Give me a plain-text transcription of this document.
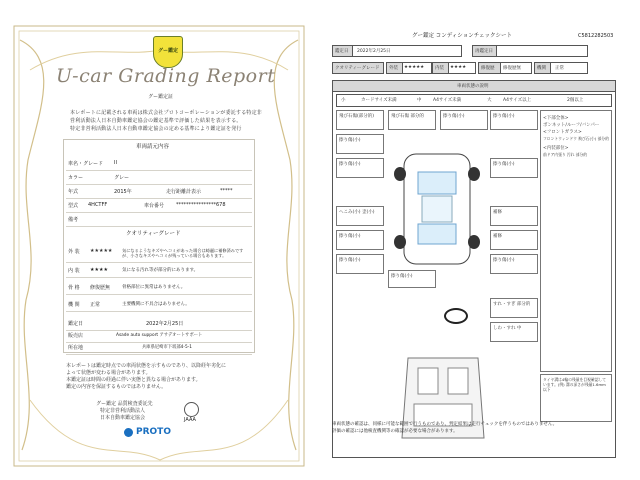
グー鑑定
U-car Grading Report
グー鑑定証
本レポートに記載される車両は株式会社プロトコーポレーションが委託する特定非
営利活動法人日本自動車鑑定協会の鑑定基準で評価した結果を表示する。
特定非営利活動法人日本自動車鑑定協会の定める基準により鑑定証を発行
車両請元内容
車名・グレード II
カラー	グレー
年式	2015年	走行距離計表示	*****
型式 4HCTFF	車台番号 ****************678
備考
クオリティーグレード
外 装 ★★★★★ 気になるようなキズやヘコミがあった場合は綺麗に補修済みですが、小さなキズやヘコミが残っている場合もあります。
内 装 ★★★★	気になる汚れ等が部分的にあります。
骨 格 修復歴無	骨格部位に異常はありません。
機 関 正常	主要機関に不具合はありません。
鑑定日	2022年2月25日
販売店	Asade auto support アサデオートサポート
所在地	兵庫県尼崎市下坂部4-5-1
本レポートは鑑定時点での車両状態を示すものであり、以降経年劣化に
よって状態が変わる場合があります。
本鑑定証は時間の経過に伴い実態と異なる場合があります。
鑑定の内容を保証するものではありません。
グー鑑定 品質検査委託先
特定非営利活動法人
日本自動車鑑定協会	JAAA
PROTO
グー鑑定 コンディションチェックシート	C5812282503
鑑定日 2022年2月25日	再鑑定日
クオリティーグレード 外装 ★★★★★ 内装 ★★★★	修復歴 修復歴無	機関 正常
車両状態の説明
小	カードサイズ未満	中	A4サイズ未満	大	A4サイズ以上	2個以上
飛び石傷(部分的)
擦り傷(小)
擦り傷(小)
へこみ(小) 歪(小)
擦り傷(小)
擦り傷(小)
飛び石傷 部分的	擦り傷(小)
擦り傷(小)
擦り傷(小)
擦り傷(小)
補修
補修
擦り傷(小)
<下部全体>
ボンネット/ルーフ/バンパー
<フロントガラス>
フロントウィンドウ 飛び石(小) 部分的
<内装部位>
前ドア内張り 汚れ 部分的
すれ・すぎ 部分的
しわ・すれ 中
タイヤ溝は4輪の残量を目視確認しています。(例) 溝の深さが残量1.6mm以下
車両状態の確認は、同様に可能な範囲で行うものであり、判定結果は走行チェックを伴うものではありません。
評価の確認には他検査機関等の確認が必要な場合があります。
